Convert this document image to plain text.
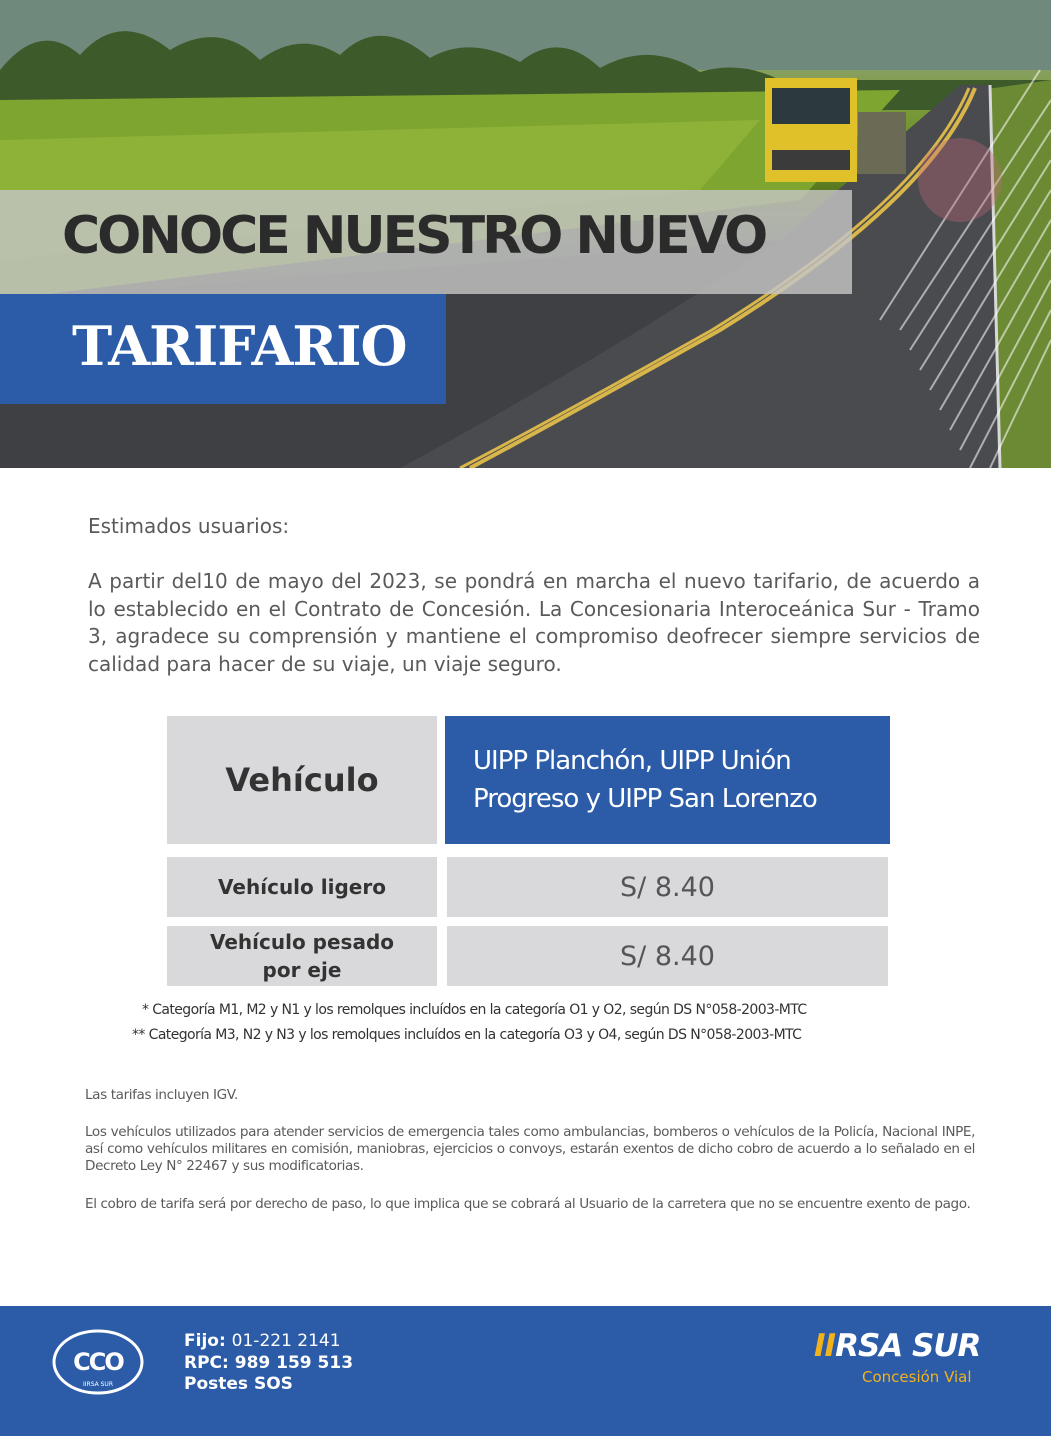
CONOCE NUESTRO NUEVO
TARIFARIO
Estimados usuarios:
A partir del10 de mayo del 2023, se pondrá en marcha el nuevo tarifario, de acuerdo a lo establecido en el Contrato de Concesión. La Concesionaria Interoceánica Sur - Tramo 3, agradece su comprensión y mantiene el compromiso deofrecer siempre servicios de calidad para hacer de su viaje, un viaje seguro.
Vehículo	UIPP Planchón, UIPP Unión
Progreso y UIPP San Lorenzo
Vehículo ligero	S/ 8.40
Vehículo pesado
por eje	S/ 8.40
* Categoría M1, M2 y N1 y los remolques incluídos en la categoría O1 y O2, según DS N°058-2003-MTC
** Categoría M3, N2 y N3 y los remolques incluídos en la categoría O3 y O4, según DS N°058-2003-MTC
Las tarifas incluyen IGV.
Los vehículos utilizados para atender servicios de emergencia tales como ambulancias, bomberos o vehículos de la Policía, Nacional INPE, así como vehículos militares en comisión, maniobras, ejercicios o convoys, estarán exentos de dicho cobro de acuerdo a lo señalado en el Decreto Ley N° 22467 y sus modificatorias.
El cobro de tarifa será por derecho de paso, lo que implica que se cobrará al Usuario de la carretera que no se encuentre exento de pago.
CCO
IIRSA SUR
Fijo: 01-221 2141
RPC: 989 159 513
Postes SOS
IIRSA SUR
Concesión Vial
